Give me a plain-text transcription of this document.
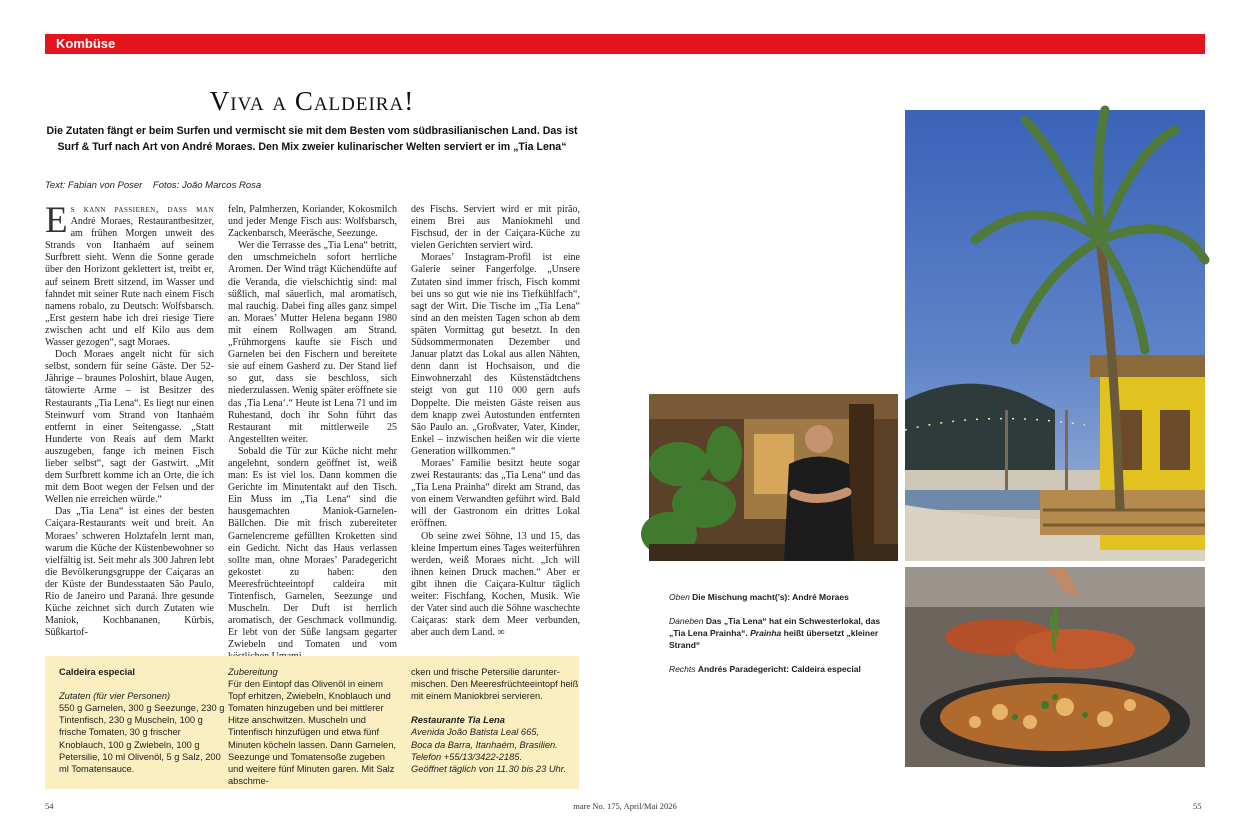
Kombüse
Viva a Caldeira!
Die Zutaten fängt er beim Surfen und vermischt sie mit dem Besten vom südbrasilianischen Land. Das ist Surf & Turf nach Art von André Moraes. Den Mix zweier kulinarischer Welten serviert er im „Tia Lena“
Text: Fabian von Poser Fotos: João Marcos Rosa

Es kann passieren, dass man André Moraes, Restaurantbesitzer, am frühen Morgen unweit des Strands von Itanhaém auf seinem Surfbrett sieht. Wenn die Sonne gerade über den Horizont geklettert ist, treibt er, auf seinem Brett sitzend, im Wasser und fahndet mit seiner Rute nach einem Fisch namens robalo, zu Deutsch: Wolfsbarsch. „Erst gestern habe ich drei riesige Tiere zwischen acht und elf Kilo aus dem Wasser gezogen“, sagt Moraes.

Doch Moraes angelt nicht für sich selbst, sondern für seine Gäste. Der 52-Jährige – braunes Poloshirt, blaue Augen, tätowierte Arme – ist Besitzer des Restaurants „Tia Lena“. Es liegt nur einen Steinwurf vom Strand von Itanhaém entfernt in einer Seitengasse. „Statt Hunderte von Reais auf dem Markt auszugeben, fange ich meinen Fisch lieber selbst“, sagt der Gastwirt. „Mit dem Surfbrett komme ich an Orte, die ich mit dem Boot wegen der Felsen und der Wellen nie erreichen würde.“

Das „Tia Lena“ ist eines der besten Caiçara-Restaurants weit und breit. An Moraes’ schweren Holztafeln lernt man, warum die Küche der Küstenbewohner so vielfältig ist. Seit mehr als 300 Jahren lebt die Bevölkerungsgruppe der Caiçaras an der Küste der Bundesstaaten São Paulo, Rio de Janeiro und Paraná. Ihre gesunde Küche zeichnet sich durch Zutaten wie Maniok, Kochbananen, Kürbis, Süßkartof-

feln, Palmherzen, Koriander, Kokosmilch und jeder Menge Fisch aus: Wolfsbarsch, Zackenbarsch, Meeräsche, Seezunge.

Wer die Terrasse des „Tia Lena“ betritt, den umschmeicheln sofort herrliche Aromen. Der Wind trägt Küchendüfte auf die Veranda, die vielschichtig sind: mal süßlich, mal säuerlich, mal aromatisch, mal rauchig. Dabei fing alles ganz simpel an. Moraes’ Mutter Helena begann 1980 mit einem Rollwagen am Strand. „Frühmorgens kaufte sie Fisch und Garnelen bei den Fischern und bereitete sie auf einem Gasherd zu. Der Stand lief so gut, dass sie beschloss, sich niederzulassen. Wenig später eröffnete sie das ‚Tia Lena‘.“ Heute ist Lena 71 und im Ruhestand, doch ihr Sohn führt das Restaurant mit mittlerweile 25 Angestellten weiter.

Sobald die Tür zur Küche nicht mehr angelehnt, sondern geöffnet ist, weiß man: Es ist viel los. Dann kommen die Gerichte im Minutentakt auf den Tisch. Ein Muss im „Tia Lena“ sind die hausgemachten Maniok-Garnelen-Bällchen. Die mit frisch zubereiteter Garnelencreme gefüllten Kroketten sind ein Gedicht. Nicht das Haus verlassen sollte man, ohne Moraes’ Paradegericht gekostet zu haben: den Meeresfrüchteeintopf caldeira mit Tintenfisch, Garnelen, Seezunge und Muscheln. Der Duft ist herrlich aromatisch, der Geschmack vollmundig. Er lebt von der Süße langsam gegarter Zwiebeln und Tomaten und vom

des Fischs. Serviert wird er mit pirão, einem Brei aus Maniokmehl und Fischsud, der in der Caiçara-Küche zu vielen Gerichten serviert wird.

Moraes’ Instagram-Profil ist eine Galerie seiner Fangerfolge. „Unsere Zutaten sind immer frisch, Fisch kommt bei uns so gut wie nie ins Tiefkühlfach“, sagt der Wirt. Die Tische im „Tia Lena“ sind an den meisten Tagen schon ab dem späten Vormittag gut besetzt. In den Südsommermonaten Dezember und Januar platzt das Lokal aus allen Nähten, denn dann ist Hochsaison, und die Einwohnerzahl des Küstenstädtchens steigt von gut 110 000 gern aufs Doppelte. Die meisten Gäste reisen aus dem knapp zwei Autostunden entfernten São Paulo an. „Großvater, Vater, Kinder, Enkel – inzwischen heißen wir die vierte Generation willkommen.“

Moraes’ Familie besitzt heute sogar zwei Restaurants: das „Tia Lena“ und das „Tia Lena Prainha“ direkt am Strand, das von einem Verwandten geführt wird. Bald will der Gastronom ein drittes Lokal eröffnen.

Ob seine zwei Söhne, 13 und 15, das kleine Impertum eines Tages weiterführen werden, weiß Moraes nicht. „Ich will ihnen keinen Druck machen.“ Aber er gibt ihnen die Caiçara-Kultur täglich weiter: Fischfang, Kochen, Musik. Wie der Vater sind auch die Söhne waschechte Caiçaras: stark dem Meer verbunden, aber auch dem Land. ∞

Caldeira especial

Zutaten (für vier Personen)

550 g Garnelen, 300 g Seezunge, 230 g Tintenfisch, 230 g Muscheln, 100 g frische Tomaten, 30 g frischer Knoblauch, 100 g Zwiebeln, 100 g Petersilie, 10 ml Olivenöl, 5 g Salz, 200 ml Tomatensauce.

Zubereitung

Für den Eintopf das Olivenöl in einem Topf erhitzen, Zwiebeln, Knoblauch und Tomaten hinzugeben und bei mittlerer Hitze anschwitzen. Muscheln und Tintenfisch hinzufügen und etwa fünf Minuten köcheln lassen. Dann Garnelen, Seezunge und Tomatensoße zugeben und weitere fünf Minuten garen. Mit Salz abschme-

cken und frische Petersilie daruntermischen. Den Meeresfrüchteeintopf heiß mit einem Maniokbrei servieren.

Restaurante Tia Lena

Avenida João Batista Leal 665,

Boca da Barra, Itanhaém, Brasilien.

Telefon +55/13/3422-2185.

Geöffnet täglich von 11.30 bis 23 Uhr.

Oben Die Mischung macht(’s): André Moraes

Daneben Das „Tia Lena“ hat ein Schwesterlokal, das „Tia Lena Prainha“. Prainha heißt übersetzt „kleiner Strand“

Rechts Andrés Paradegericht: Caldeira especial

54	mare No. 175, April/Mai 2026	55
